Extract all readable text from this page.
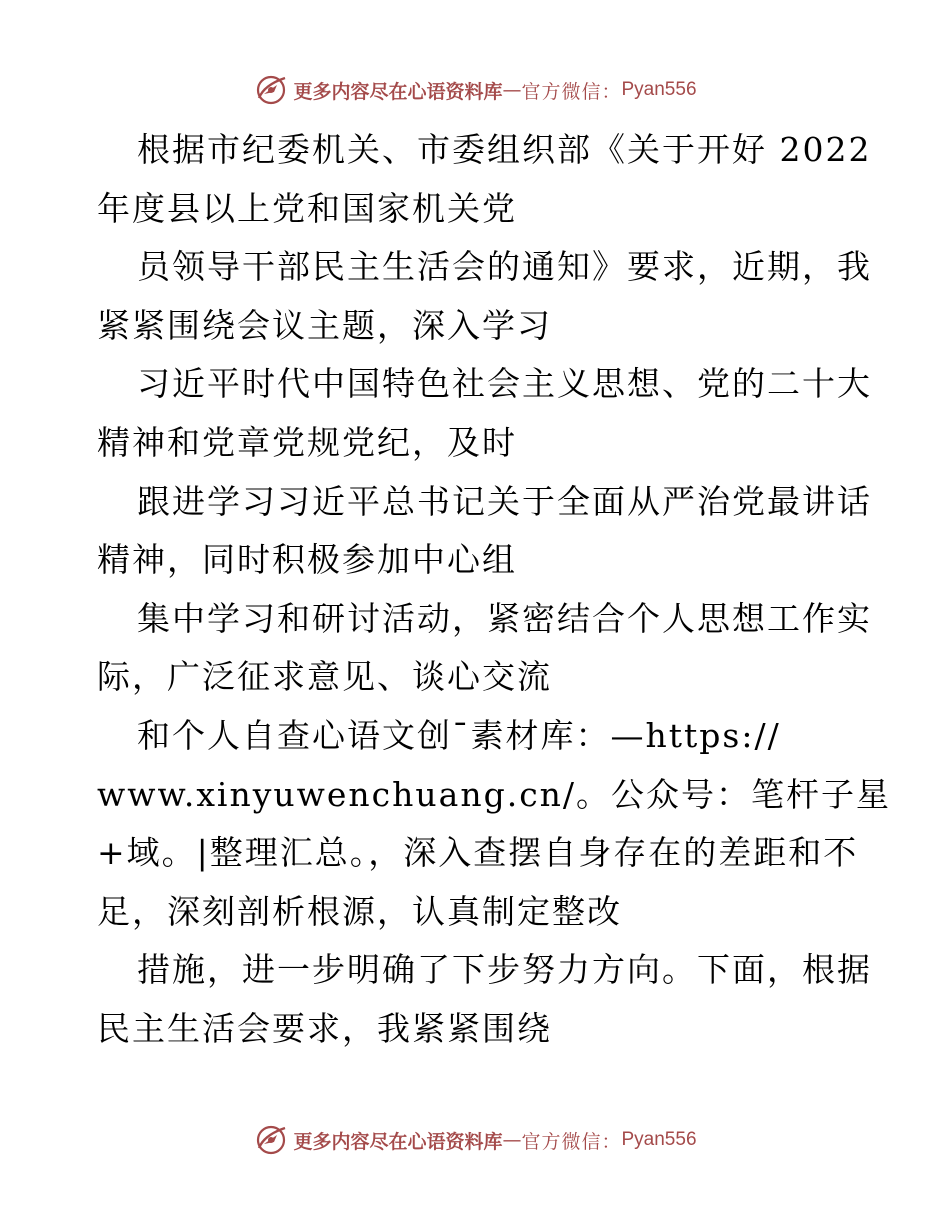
更多内容尽在心语资料库 — 官方微信： Pyan556
根据市纪委机关、市委组织部《关于开好 2022
年度县以上党和国家机关党
员领导干部民主生活会的通知》要求，近期，我
紧紧围绕会议主题，深入学习
习近平时代中国特色社会主义思想、党的二十大
精神和党章党规党纪，及时
跟进学习习近平总书记关于全面从严治党最讲话
精神，同时积极参加中心组
集中学习和研讨活动，紧密结合个人思想工作实
际，广泛征求意见、谈心交流
和个人自查心语文创¯素材库：—https://
www.xinyuwenchuang.cn/。公众号：笔杆子星
+域。|整理汇总。，深入查摆自身存在的差距和不
足，深刻剖析根源，认真制定整改
措施，进一步明确了下步努力方向。下面，根据
民主生活会要求，我紧紧围绕
更多内容尽在心语资料库 — 官方微信： Pyan556
